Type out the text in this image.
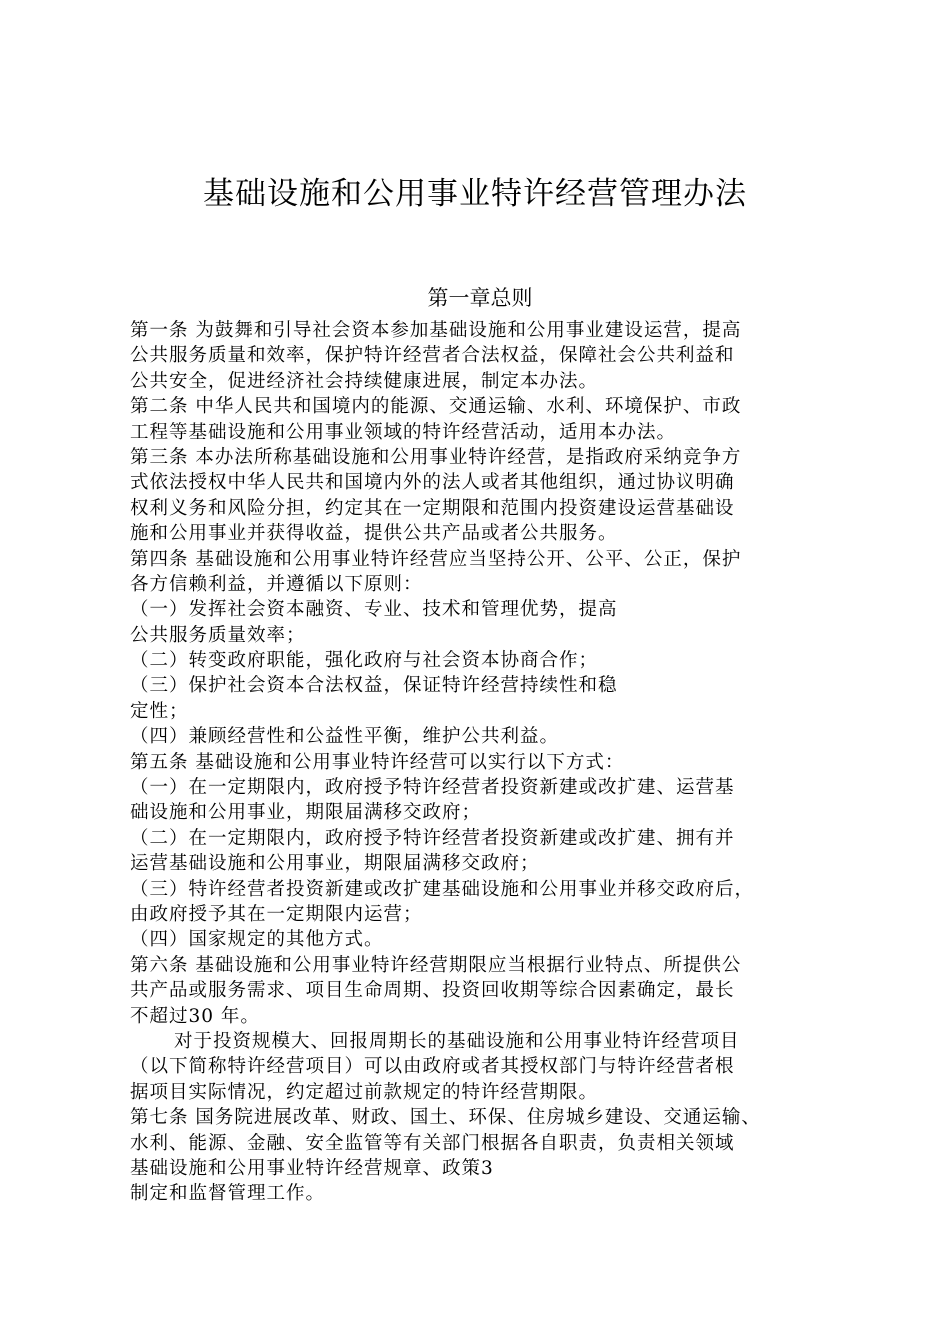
基础设施和公用事业特许经营管理办法
第一章总则
第一条 为鼓舞和引导社会资本参加基础设施和公用事业建设运营，提高
公共服务质量和效率，保护特许经营者合法权益，保障社会公共利益和
公共安全，促进经济社会持续健康进展，制定本办法。
第二条 中华人民共和国境内的能源、交通运输、水利、环境保护、市政
工程等基础设施和公用事业领域的特许经营活动，适用本办法。
第三条 本办法所称基础设施和公用事业特许经营，是指政府采纳竞争方
式依法授权中华人民共和国境内外的法人或者其他组织，通过协议明确
权利义务和风险分担，约定其在一定期限和范围内投资建设运营基础设
施和公用事业并获得收益，提供公共产品或者公共服务。
第四条 基础设施和公用事业特许经营应当坚持公开、公平、公正，保护
各方信赖利益，并遵循以下原则：
（一）发挥社会资本融资、专业、技术和管理优势，提高
公共服务质量效率；
（二）转变政府职能，强化政府与社会资本协商合作；
（三）保护社会资本合法权益，保证特许经营持续性和稳
定性；
（四）兼顾经营性和公益性平衡，维护公共利益。
第五条 基础设施和公用事业特许经营可以实行以下方式：
（一）在一定期限内，政府授予特许经营者投资新建或改扩建、运营基
础设施和公用事业，期限届满移交政府；
（二）在一定期限内，政府授予特许经营者投资新建或改扩建、拥有并
运营基础设施和公用事业，期限届满移交政府；
（三）特许经营者投资新建或改扩建基础设施和公用事业并移交政府后，
由政府授予其在一定期限内运营；
（四）国家规定的其他方式。
第六条 基础设施和公用事业特许经营期限应当根据行业特点、所提供公
共产品或服务需求、项目生命周期、投资回收期等综合因素确定，最长
不超过30 年。
对于投资规模大、回报周期长的基础设施和公用事业特许经营项目
（以下简称特许经营项目）可以由政府或者其授权部门与特许经营者根
据项目实际情况，约定超过前款规定的特许经营期限。
第七条 国务院进展改革、财政、国土、环保、住房城乡建设、交通运输、
水利、能源、金融、安全监管等有关部门根据各自职责，负责相关领域
基础设施和公用事业特许经营规章、政策3
制定和监督管理工作。
